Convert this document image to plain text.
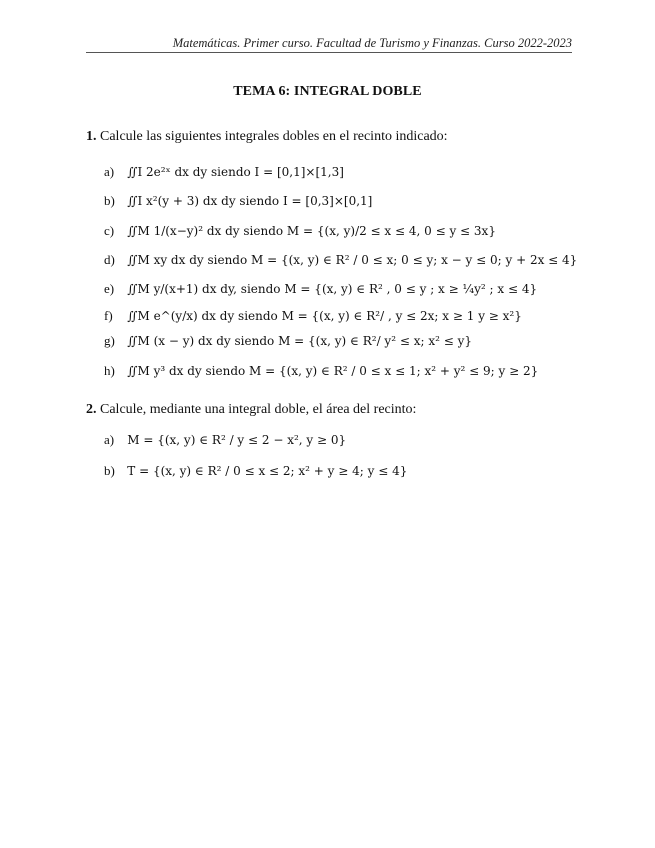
Matemáticas. Primer curso. Facultad de Turismo y Finanzas. Curso 2022-2023
TEMA 6: INTEGRAL DOBLE
1. Calcule las siguientes integrales dobles en el recinto indicado:
a) ∬I 2e²ˣ dx dy siendo I = [0,1]×[1,3]
b) ∬I x²(y + 3) dx dy siendo I = [0,3]×[0,1]
c) ∬M 1/(x−y)² dx dy siendo M = {(x, y)/2 ≤ x ≤ 4, 0 ≤ y ≤ 3x}
d) ∬M xy dx dy siendo M = {(x, y) ∈ R² / 0 ≤ x; 0 ≤ y; x − y ≤ 0; y + 2x ≤ 4}
e) ∬M y/(x+1) dx dy, siendo M = {(x, y) ∈ R² , 0 ≤ y ; x ≥ ¼y² ; x ≤ 4}
f) ∬M e^(y/x) dx dy siendo M = {(x, y) ∈ R²/ , y ≤ 2x; x ≥ 1 y ≥ x²}
g) ∬M (x − y) dx dy siendo M = {(x, y) ∈ R²/ y² ≤ x; x² ≤ y}
h) ∬M y³ dx dy siendo M = {(x, y) ∈ R² / 0 ≤ x ≤ 1; x² + y² ≤ 9; y ≥ 2}
2. Calcule, mediante una integral doble, el área del recinto:
a) M = {(x, y) ∈ R² / y ≤ 2 − x², y ≥ 0}
b) T = {(x, y) ∈ R² / 0 ≤ x ≤ 2; x² + y ≥ 4; y ≤ 4}
